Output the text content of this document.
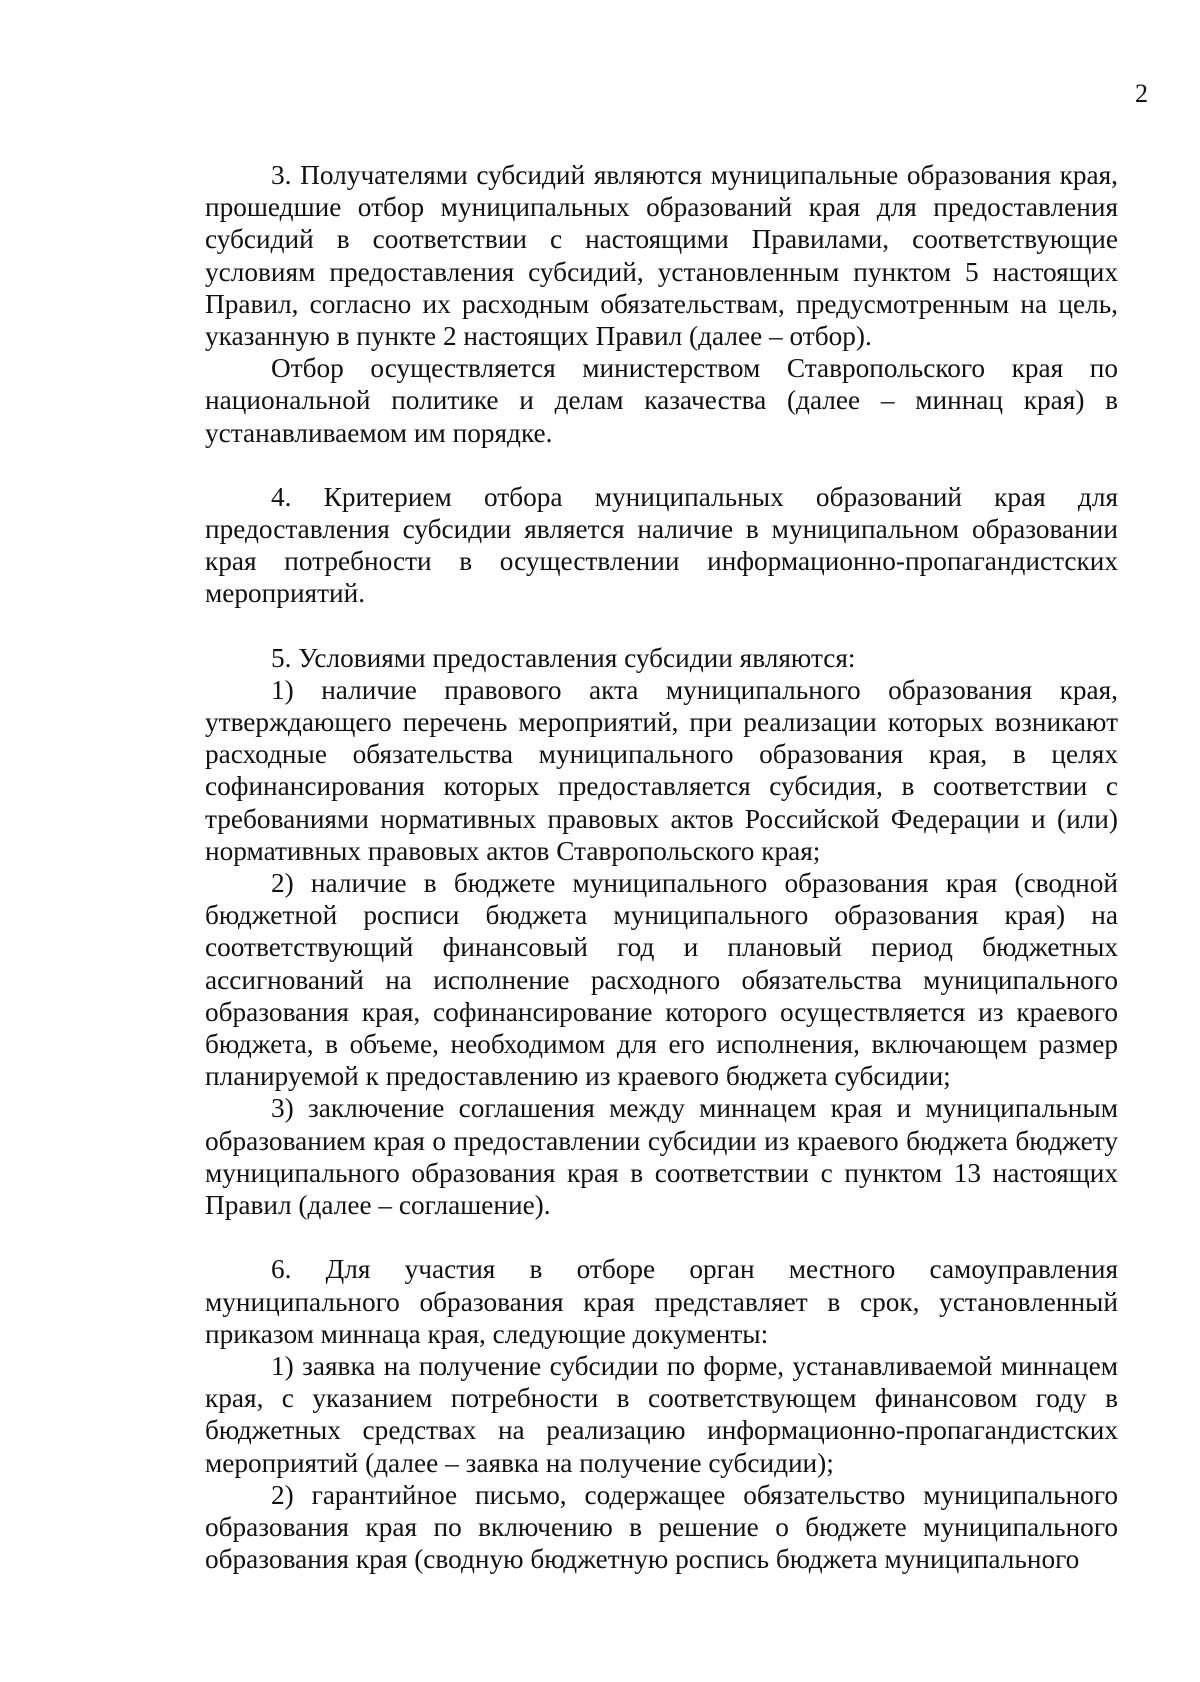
2

3. Получателями субсидий являются муниципальные образования края, прошедшие отбор муниципальных образований края для предоставления субсидий в соответствии с настоящими Правилами, соответствующие условиям предоставления субсидий, установленным пунктом 5 настоящих Правил, согласно их расходным обязательствам, предусмотренным на цель, указанную в пункте 2 настоящих Правил (далее – отбор).

Отбор осуществляется министерством Ставропольского края по национальной политике и делам казачества (далее – миннац края) в устанавливаемом им порядке.

4. Критерием отбора муниципальных образований края для предоставления субсидии является наличие в муниципальном образовании края потребности в осуществлении информационно-пропагандистских мероприятий.

5. Условиями предоставления субсидии являются:

1) наличие правового акта муниципального образования края, утверждающего перечень мероприятий, при реализации которых возникают расходные обязательства муниципального образования края, в целях софинансирования которых предоставляется субсидия, в соответствии с требованиями нормативных правовых актов Российской Федерации и (или) нормативных правовых актов Ставропольского края;

2) наличие в бюджете муниципального образования края (сводной бюджетной росписи бюджета муниципального образования края) на соответствующий финансовый год и плановый период бюджетных ассигнований на исполнение расходного обязательства муниципального образования края, софинансирование которого осуществляется из краевого бюджета, в объеме, необходимом для его исполнения, включающем размер планируемой к предоставлению из краевого бюджета субсидии;

3) заключение соглашения между миннацем края и муниципальным образованием края о предоставлении субсидии из краевого бюджета бюджету муниципального образования края в соответствии с пунктом 13 настоящих Правил (далее – соглашение).

6. Для участия в отборе орган местного самоуправления муниципального образования края представляет в срок, установленный приказом миннаца края, следующие документы:

1) заявка на получение субсидии по форме, устанавливаемой миннацем края, с указанием потребности в соответствующем финансовом году в бюджетных средствах на реализацию информационно-пропагандистских мероприятий (далее – заявка на получение субсидии);

2) гарантийное письмо, содержащее обязательство муниципального образования края по включению в решение о бюджете муниципального образования края (сводную бюджетную роспись бюджета муниципального
